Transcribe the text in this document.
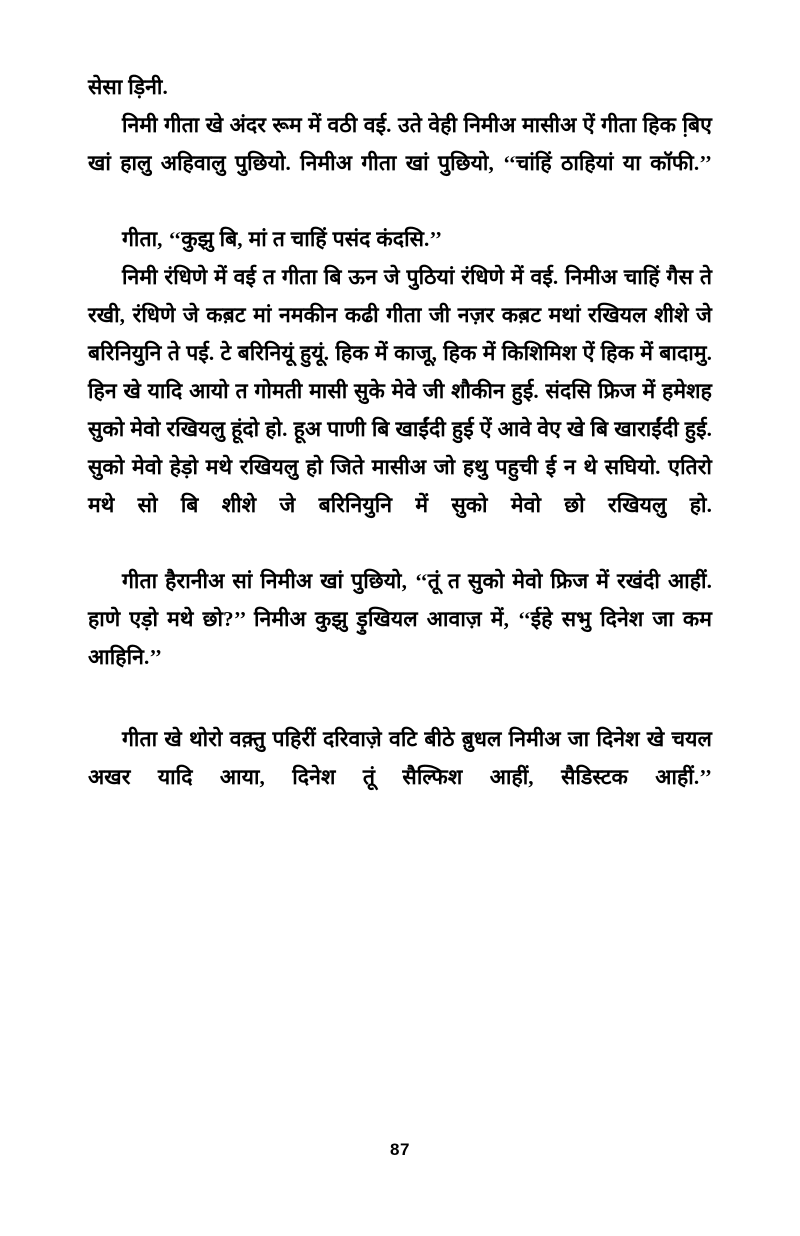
सेसा ड़िनी.

निमी गीता खे अंदर रूम में वठी वई. उते वेही निमीअ मासीअ ऐं गीता हिक बि़ए खां हालु अहिवालु पुछियो. निमीअ गीता खां पुछियो, ‘‘चांहिं ठाहियां या कॉफी.’’

गीता, ‘‘कुझु बि, मां त चाहिं पसंद कंदसि.’’

निमी रंधिणे में वई त गीता बि ऊन जे पुठियां रंधिणे में वई. निमीअ चाहिं गैस ते रखी, रंधिणे जे कब़ट मां नमकीन कढी गीता जी नज़र कब़ट मथां रखियल शीशे जे बरिनियुनि ते पई. टे बरिनियूं हुयूं. हिक में काजू, हिक में किशिमिश ऐं हिक में बादामु. हिन खे यादि आयो त गोमती मासी सुके मेवे जी शौकीन हुई. संदसि फ्रिज में हमेशह सुको मेवो रखियलु हूंदो हो. हूअ पाणी बि खाईंदी हुई ऐं आवे वेए खे बि खाराईंदी हुई. सुको मेवो हेड़ो मथे रखियलु हो जिते मासीअ जो हथु पहुची ई न थे सघियो. एतिरो मथे सो बि शीशे जे बरिनियुनि में सुको मेवो छो रखियलु हो.

गीता हैरानीअ सां निमीअ खां पुछियो, ‘‘तूं त सुको मेवो फ्रिज में रखंदी आहीं. हाणे एड़ो मथे छो?’’ निमीअ कुझु ड़ुखियल आवाज़ में, ‘‘ईहे सभु दिनेश जा कम आहिनि.’’

गीता खे थोरो वक़्तु पहिरीं दरिवाज़े वटि बीठे बु़धल निमीअ जा दिनेश खे चयल अखर यादि आया, दिनेश तूं सैल्फिश आहीं, सैडिस्टक आहीं.’’

87
